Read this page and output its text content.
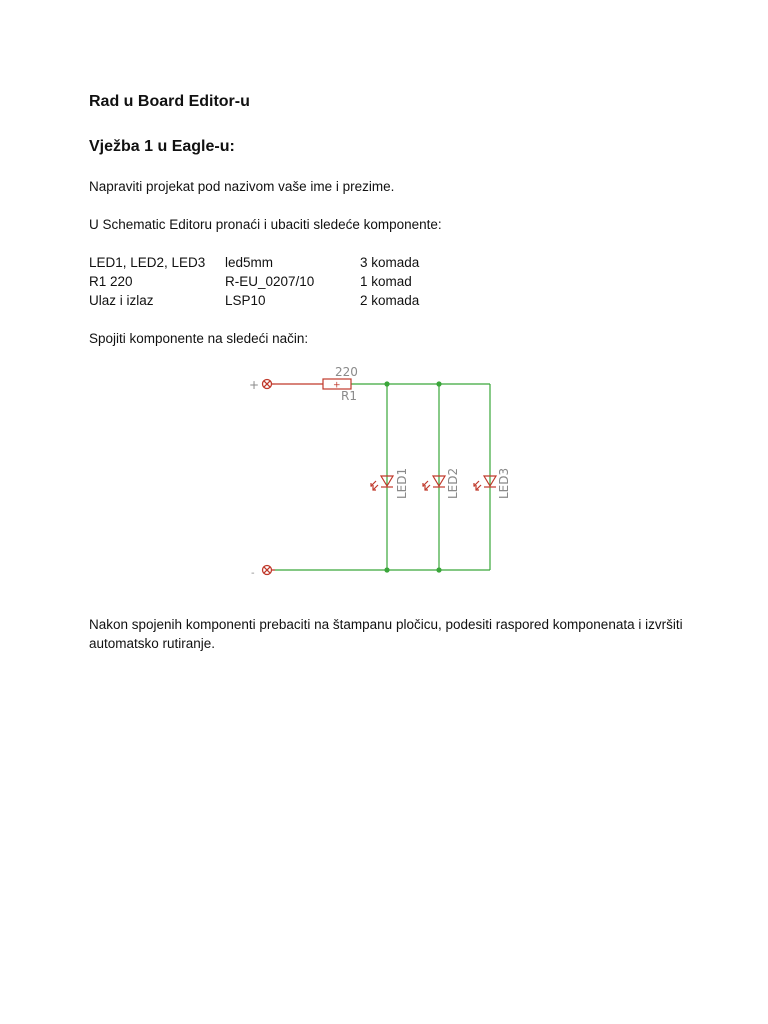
Rad u Board Editor-u
Vježba 1 u Eagle-u:
Napraviti projekat pod nazivom vaše ime i prezime.
U Schematic Editoru pronaći i ubaciti sledeće komponente:
LED1, LED2, LED3	led5mm	3 komada
R1 220	R-EU_0207/10	1 komad
Ulaz i izlaz	LSP10	2 komada
Spojiti komponente na sledeći način:
+
-
+
220
R1
LED1	LED2	LED3
Nakon spojenih komponenti prebaciti na štampanu pločicu, podesiti raspored komponenata i izvršiti automatsko rutiranje.
